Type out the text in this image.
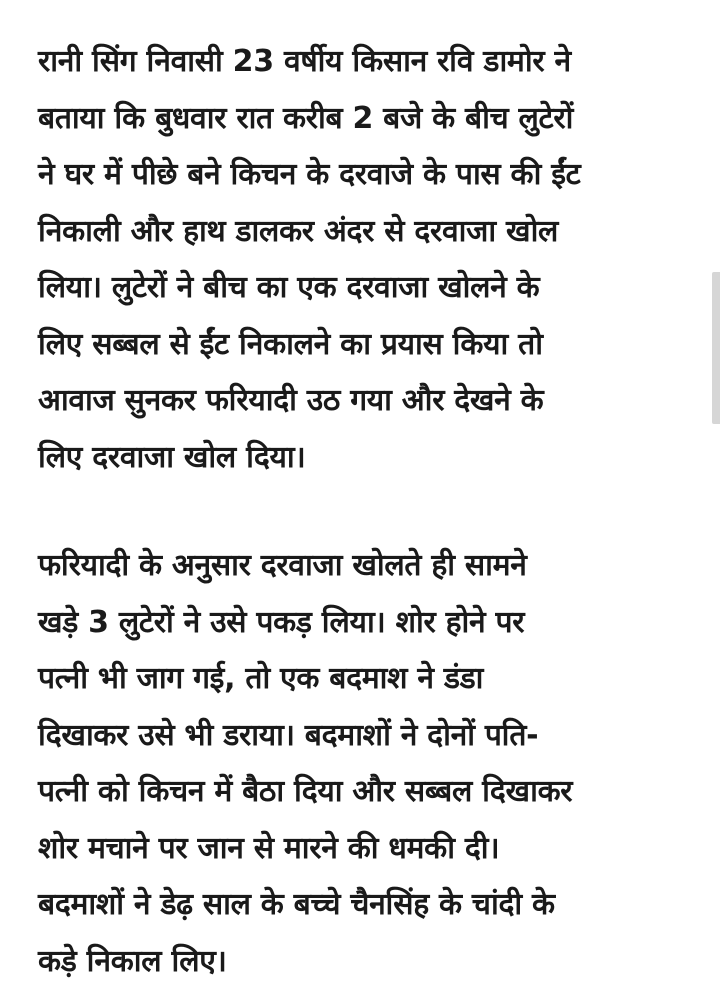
रानी सिंग निवासी 23 वर्षीय किसान रवि डामोर ने
बताया कि बुधवार रात करीब 2 बजे के बीच लुटेरों
ने घर में पीछे बने किचन के दरवाजे के पास की ईंट
निकाली और हाथ डालकर अंदर से दरवाजा खोल
लिया। लुटेरों ने बीच का एक दरवाजा खोलने के
लिए सब्बल से ईंट निकालने का प्रयास किया तो
आवाज सुनकर फरियादी उठ गया और देखने के
लिए दरवाजा खोल दिया।
फरियादी के अनुसार दरवाजा खोलते ही सामने
खड़े 3 लुटेरों ने उसे पकड़ लिया। शोर होने पर
पत्नी भी जाग गई, तो एक बदमाश ने डंडा
दिखाकर उसे भी डराया। बदमाशों ने दोनों पति-
पत्नी को किचन में बैठा दिया और सब्बल दिखाकर
शोर मचाने पर जान से मारने की धमकी दी।
बदमाशों ने डेढ़ साल के बच्चे चैनसिंह के चांदी के
कड़े निकाल लिए।
